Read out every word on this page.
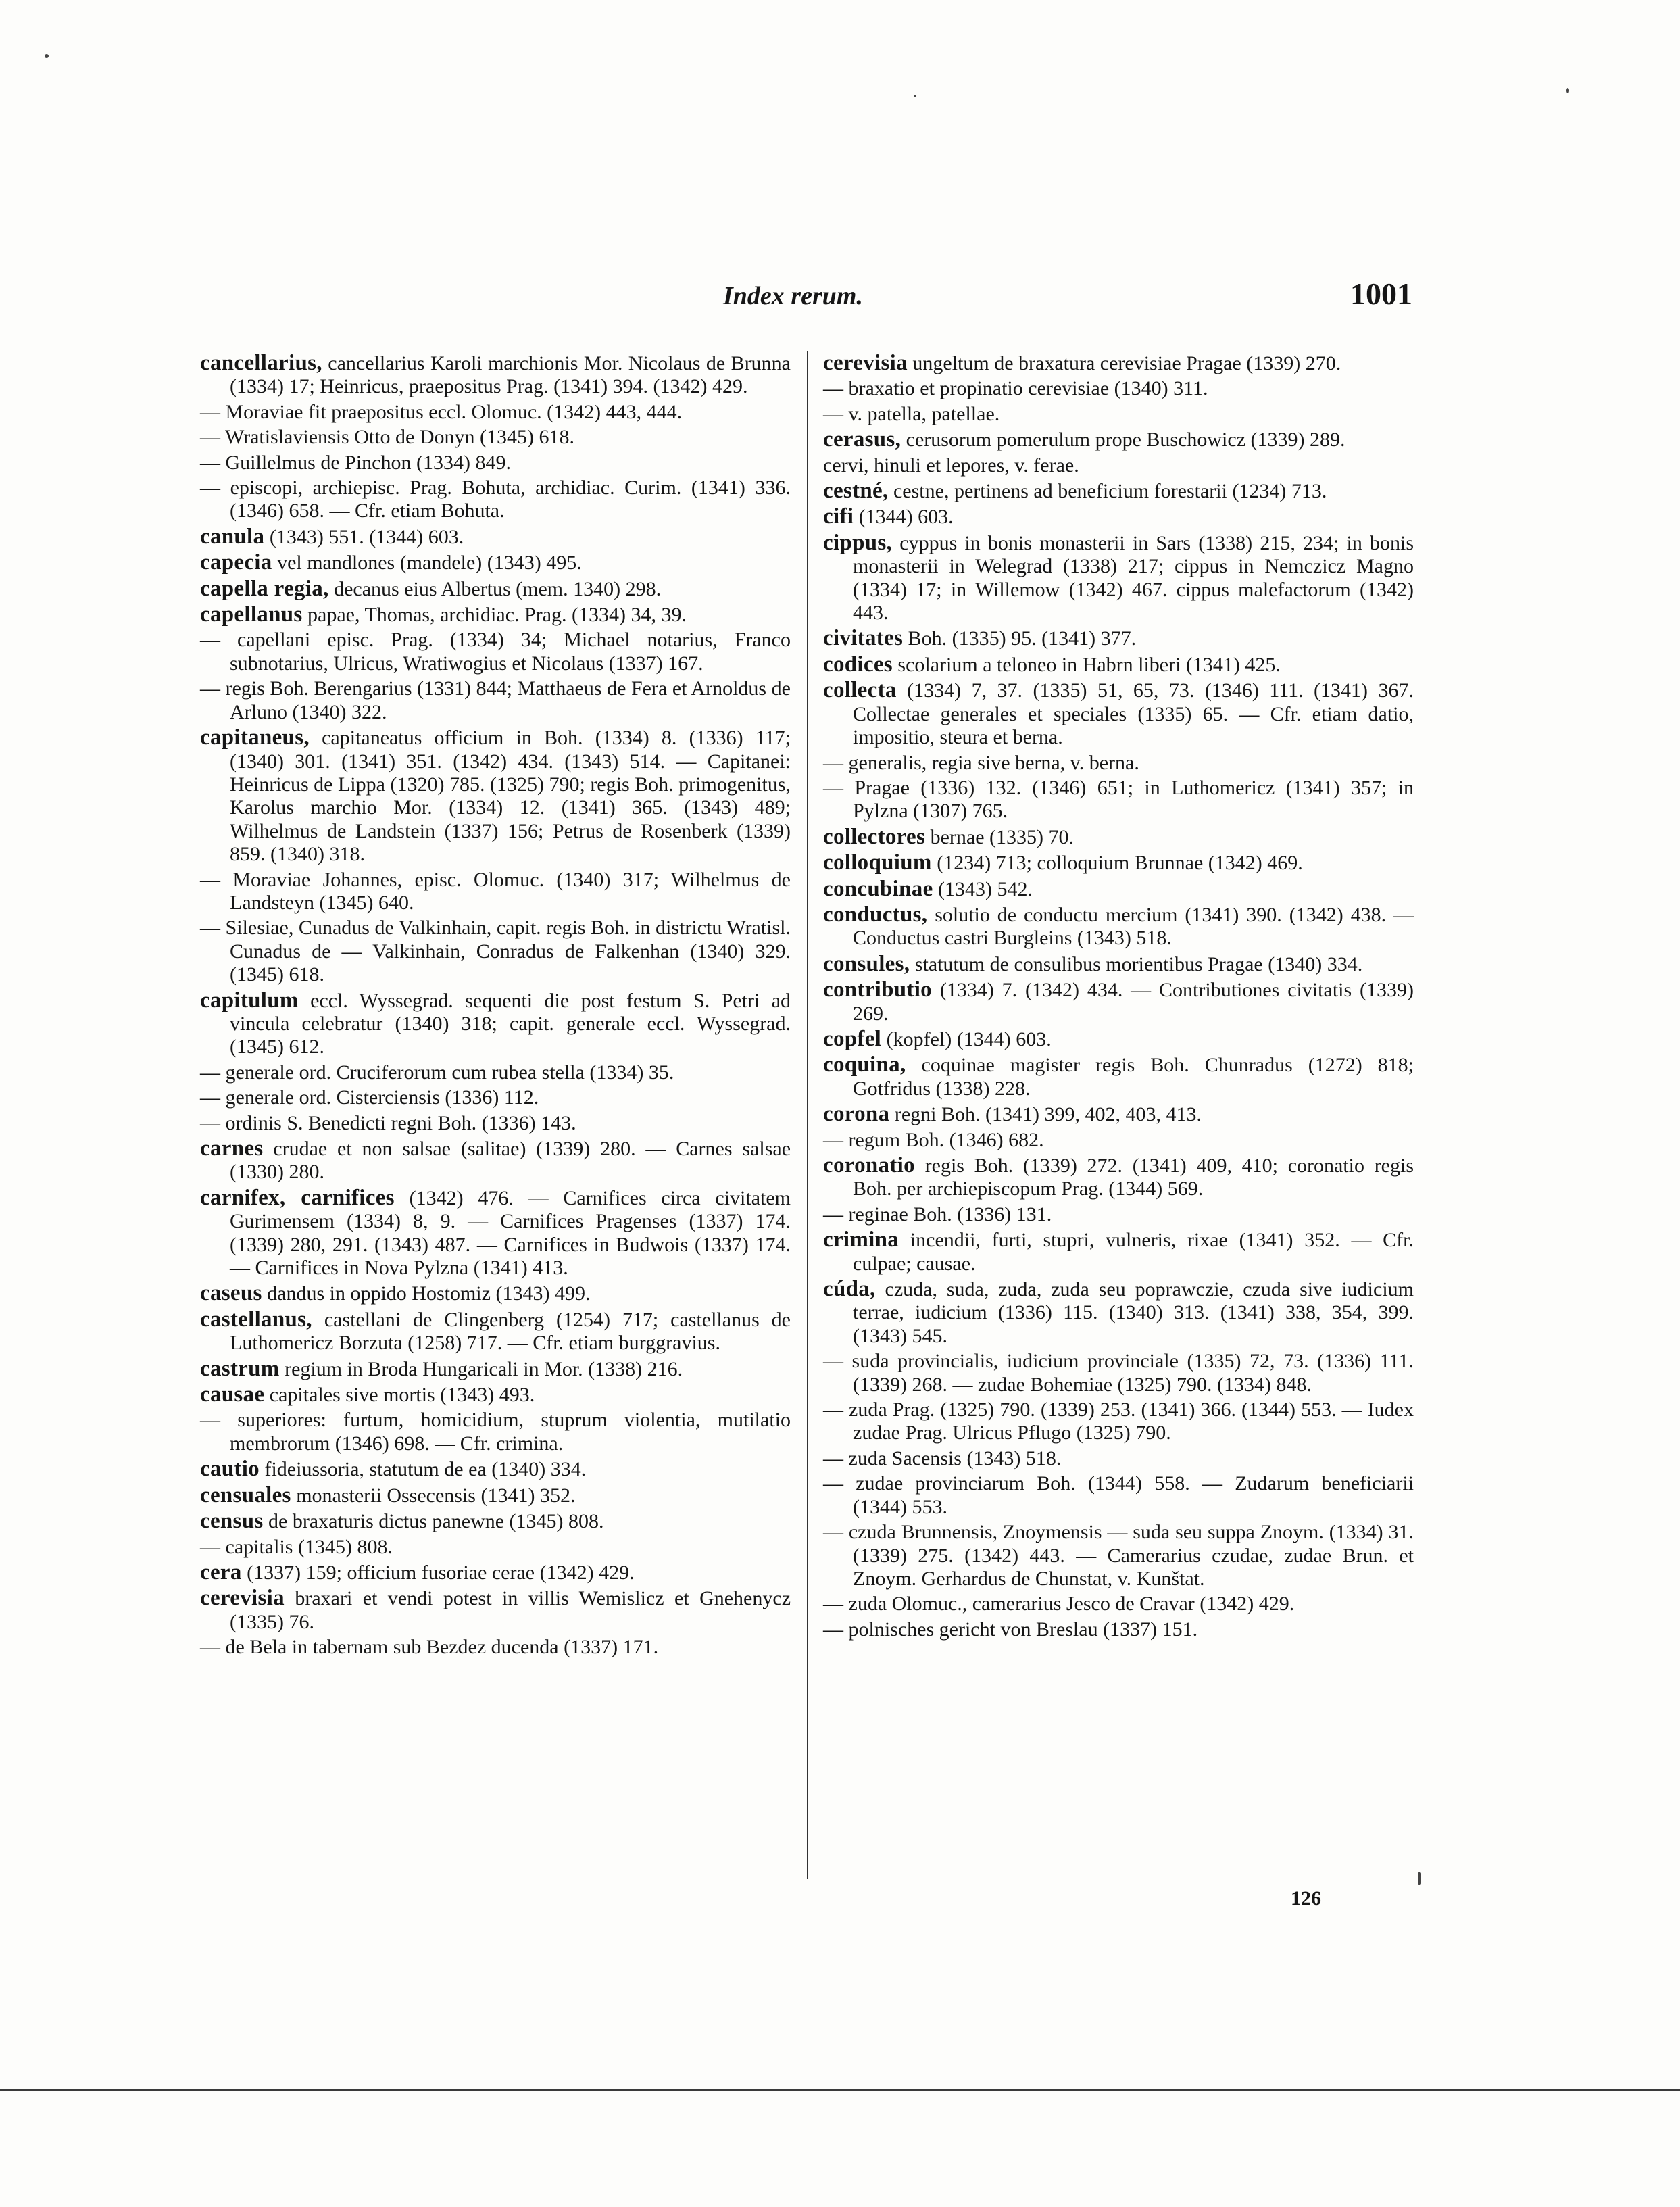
Index rerum.	1001
cancellarius, cancellarius Karoli marchionis Mor. Nicolaus de Brunna (1334) 17; Heinricus, praepositus Prag. (1341) 394. (1342) 429.
— Moraviae fit praepositus eccl. Olomuc. (1342) 443, 444.
— Wratislaviensis Otto de Donyn (1345) 618.
— Guillelmus de Pinchon (1334) 849.
— episcopi, archiepisc. Prag. Bohuta, archidiac. Curim. (1341) 336. (1346) 658. — Cfr. etiam Bohuta.
canula (1343) 551. (1344) 603.
capecia vel mandlones (mandele) (1343) 495.
capella regia, decanus eius Albertus (mem. 1340) 298.
capellanus papae, Thomas, archidiac. Prag. (1334) 34, 39.
— capellani episc. Prag. (1334) 34; Michael notarius, Franco subnotarius, Ulricus, Wratiwogius et Nicolaus (1337) 167.
— regis Boh. Berengarius (1331) 844; Matthaeus de Fera et Arnoldus de Arluno (1340) 322.
capitaneus, capitaneatus officium in Boh. (1334) 8. (1336) 117; (1340) 301. (1341) 351. (1342) 434. (1343) 514. — Capitanei: Heinricus de Lippa (1320) 785. (1325) 790; regis Boh. primogenitus, Karolus marchio Mor. (1334) 12. (1341) 365. (1343) 489; Wilhelmus de Landstein (1337) 156; Petrus de Rosenberk (1339) 859. (1340) 318.
— Moraviae Johannes, episc. Olomuc. (1340) 317; Wilhelmus de Landsteyn (1345) 640.
— Silesiae, Cunadus de Valkinhain, capit. regis Boh. in districtu Wratisl. Cunadus de — Valkinhain, Conradus de Falkenhan (1340) 329. (1345) 618.
capitulum eccl. Wyssegrad. sequenti die post festum S. Petri ad vincula celebratur (1340) 318; capit. generale eccl. Wyssegrad. (1345) 612.
— generale ord. Cruciferorum cum rubea stella (1334) 35.
— generale ord. Cisterciensis (1336) 112.
— ordinis S. Benedicti regni Boh. (1336) 143.
carnes crudae et non salsae (salitae) (1339) 280. — Carnes salsae (1330) 280.
carnifex, carnifices (1342) 476. — Carnifices circa civitatem Gurimensem (1334) 8, 9. — Carnifices Pragenses (1337) 174. (1339) 280, 291. (1343) 487. — Carnifices in Budwois (1337) 174. — Carnifices in Nova Pylzna (1341) 413.
caseus dandus in oppido Hostomiz (1343) 499.
castellanus, castellani de Clingenberg (1254) 717; castellanus de Luthomericz Borzuta (1258) 717. — Cfr. etiam burggravius.
castrum regium in Broda Hungaricali in Mor. (1338) 216.
causae capitales sive mortis (1343) 493.
— superiores: furtum, homicidium, stuprum violentia, mutilatio membrorum (1346) 698. — Cfr. crimina.
cautio fideiussoria, statutum de ea (1340) 334.
censuales monasterii Ossecensis (1341) 352.
census de braxaturis dictus panewne (1345) 808.
— capitalis (1345) 808.
cera (1337) 159; officium fusoriae cerae (1342) 429.
cerevisia braxari et vendi potest in villis Wemislicz et Gnehenycz (1335) 76.
— de Bela in tabernam sub Bezdez ducenda (1337) 171.
cerevisia ungeltum de braxatura cerevisiae Pragae (1339) 270.
— braxatio et propinatio cerevisiae (1340) 311.
— v. patella, patellae.
cerasus, cerusorum pomerulum prope Buschowicz (1339) 289.
cervi, hinuli et lepores, v. ferae.
cestné, cestne, pertinens ad beneficium forestarii (1234) 713.
cifi (1344) 603.
cippus, cyppus in bonis monasterii in Sars (1338) 215, 234; in bonis monasterii in Welegrad (1338) 217; cippus in Nemczicz Magno (1334) 17; in Willemow (1342) 467. cippus malefactorum (1342) 443.
civitates Boh. (1335) 95. (1341) 377.
codices scolarium a teloneo in Habrn liberi (1341) 425.
collecta (1334) 7, 37. (1335) 51, 65, 73. (1346) 111. (1341) 367. Collectae generales et speciales (1335) 65. — Cfr. etiam datio, impositio, steura et berna.
— generalis, regia sive berna, v. berna.
— Pragae (1336) 132. (1346) 651; in Luthomericz (1341) 357; in Pylzna (1307) 765.
collectores bernae (1335) 70.
colloquium (1234) 713; colloquium Brunnae (1342) 469.
concubinae (1343) 542.
conductus, solutio de conductu mercium (1341) 390. (1342) 438. — Conductus castri Burgleins (1343) 518.
consules, statutum de consulibus morientibus Pragae (1340) 334.
contributio (1334) 7. (1342) 434. — Contributiones civitatis (1339) 269.
copfel (kopfel) (1344) 603.
coquina, coquinae magister regis Boh. Chunradus (1272) 818; Gotfridus (1338) 228.
corona regni Boh. (1341) 399, 402, 403, 413.
— regum Boh. (1346) 682.
coronatio regis Boh. (1339) 272. (1341) 409, 410; coronatio regis Boh. per archiepiscopum Prag. (1344) 569.
— reginae Boh. (1336) 131.
crimina incendii, furti, stupri, vulneris, rixae (1341) 352. — Cfr. culpae; causae.
cúda, czuda, suda, zuda, zuda seu poprawczie, czuda sive iudicium terrae, iudicium (1336) 115. (1340) 313. (1341) 338, 354, 399. (1343) 545.
— suda provincialis, iudicium provinciale (1335) 72, 73. (1336) 111. (1339) 268. — zudae Bohemiae (1325) 790. (1334) 848.
— zuda Prag. (1325) 790. (1339) 253. (1341) 366. (1344) 553. — Iudex zudae Prag. Ulricus Pflugo (1325) 790.
— zuda Sacensis (1343) 518.
— zudae provinciarum Boh. (1344) 558. — Zudarum beneficiarii (1344) 553.
— czuda Brunnensis, Znoymensis — suda seu suppa Znoym. (1334) 31. (1339) 275. (1342) 443. — Camerarius czudae, zudae Brun. et Znoym. Gerhardus de Chunstat, v. Kunštat.
— zuda Olomuc., camerarius Jesco de Cravar (1342) 429.
— polnisches gericht von Breslau (1337) 151.
126
